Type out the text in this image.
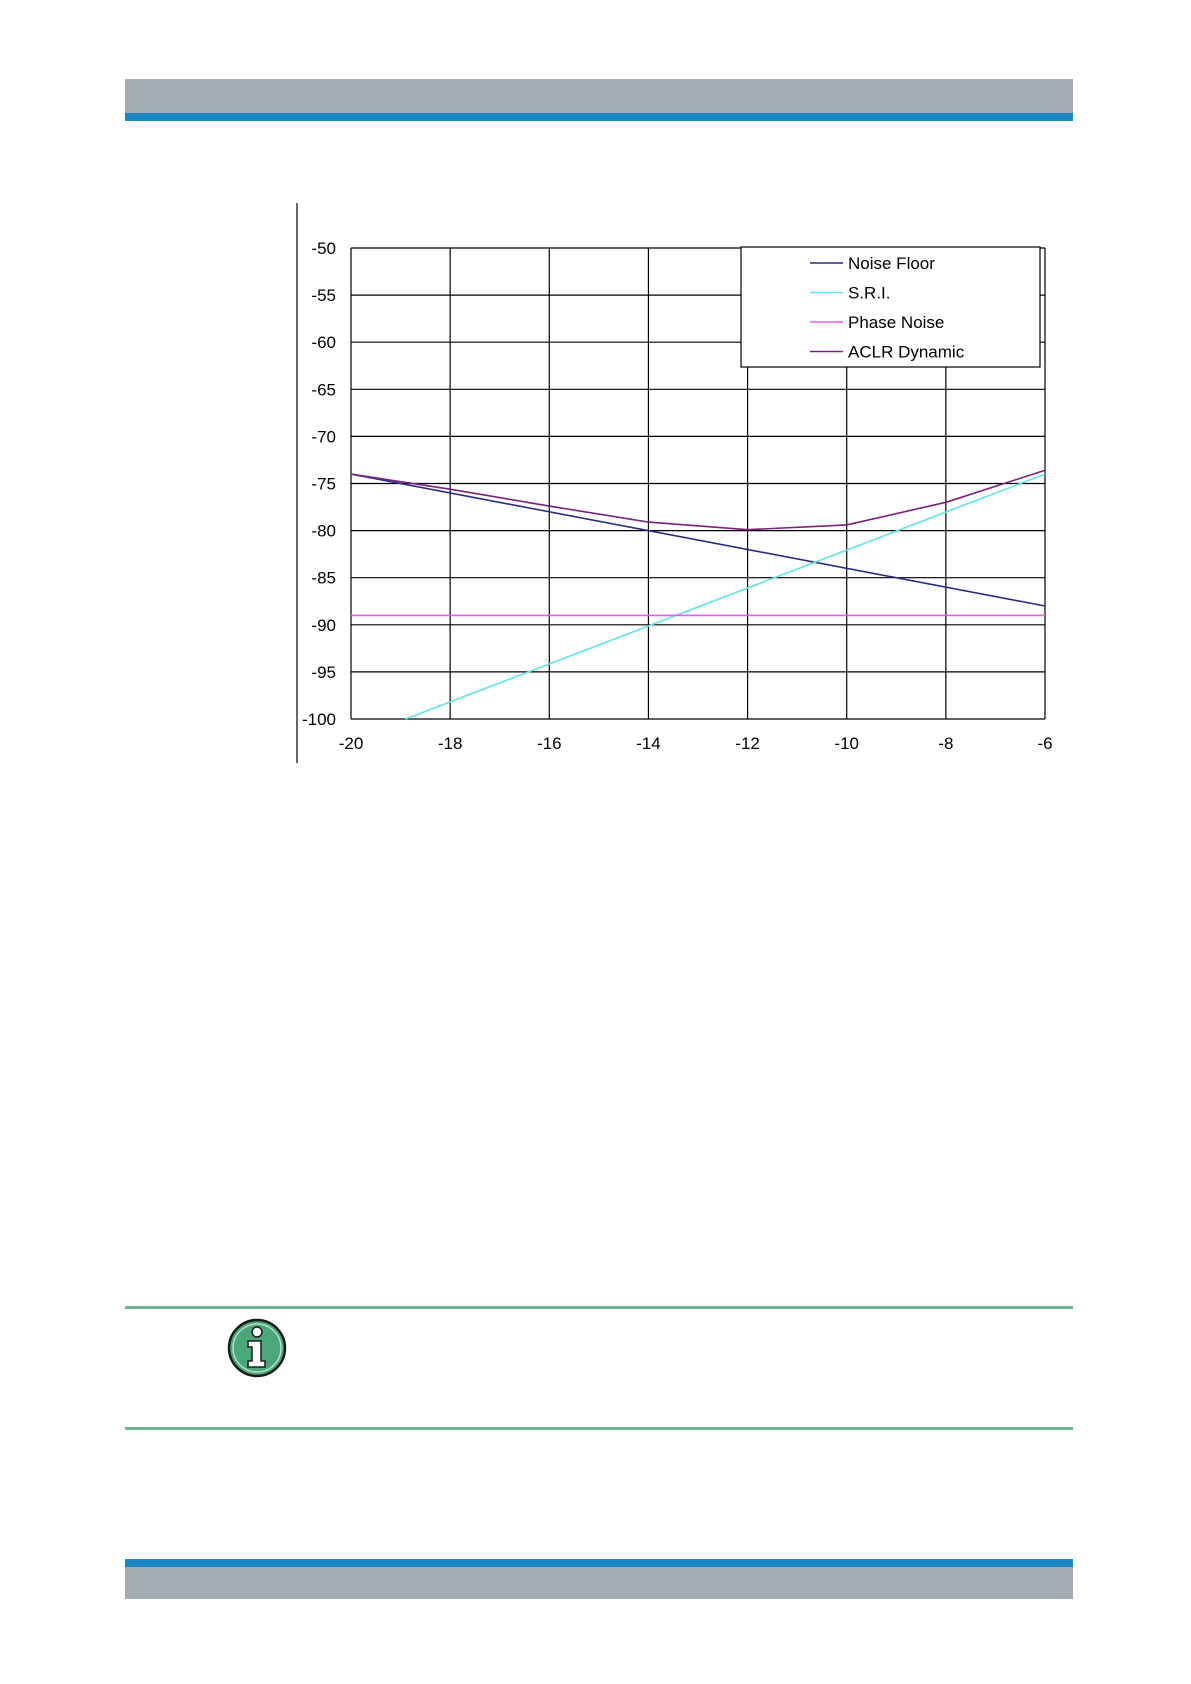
-50
-55
-60
-65
-70
-75
-80
-85
-90
-95
-100
-20	-18	-16	-14	-12	-10	-8	-6
Noise Floor
S.R.I.
Phase Noise
ACLR Dynamic
